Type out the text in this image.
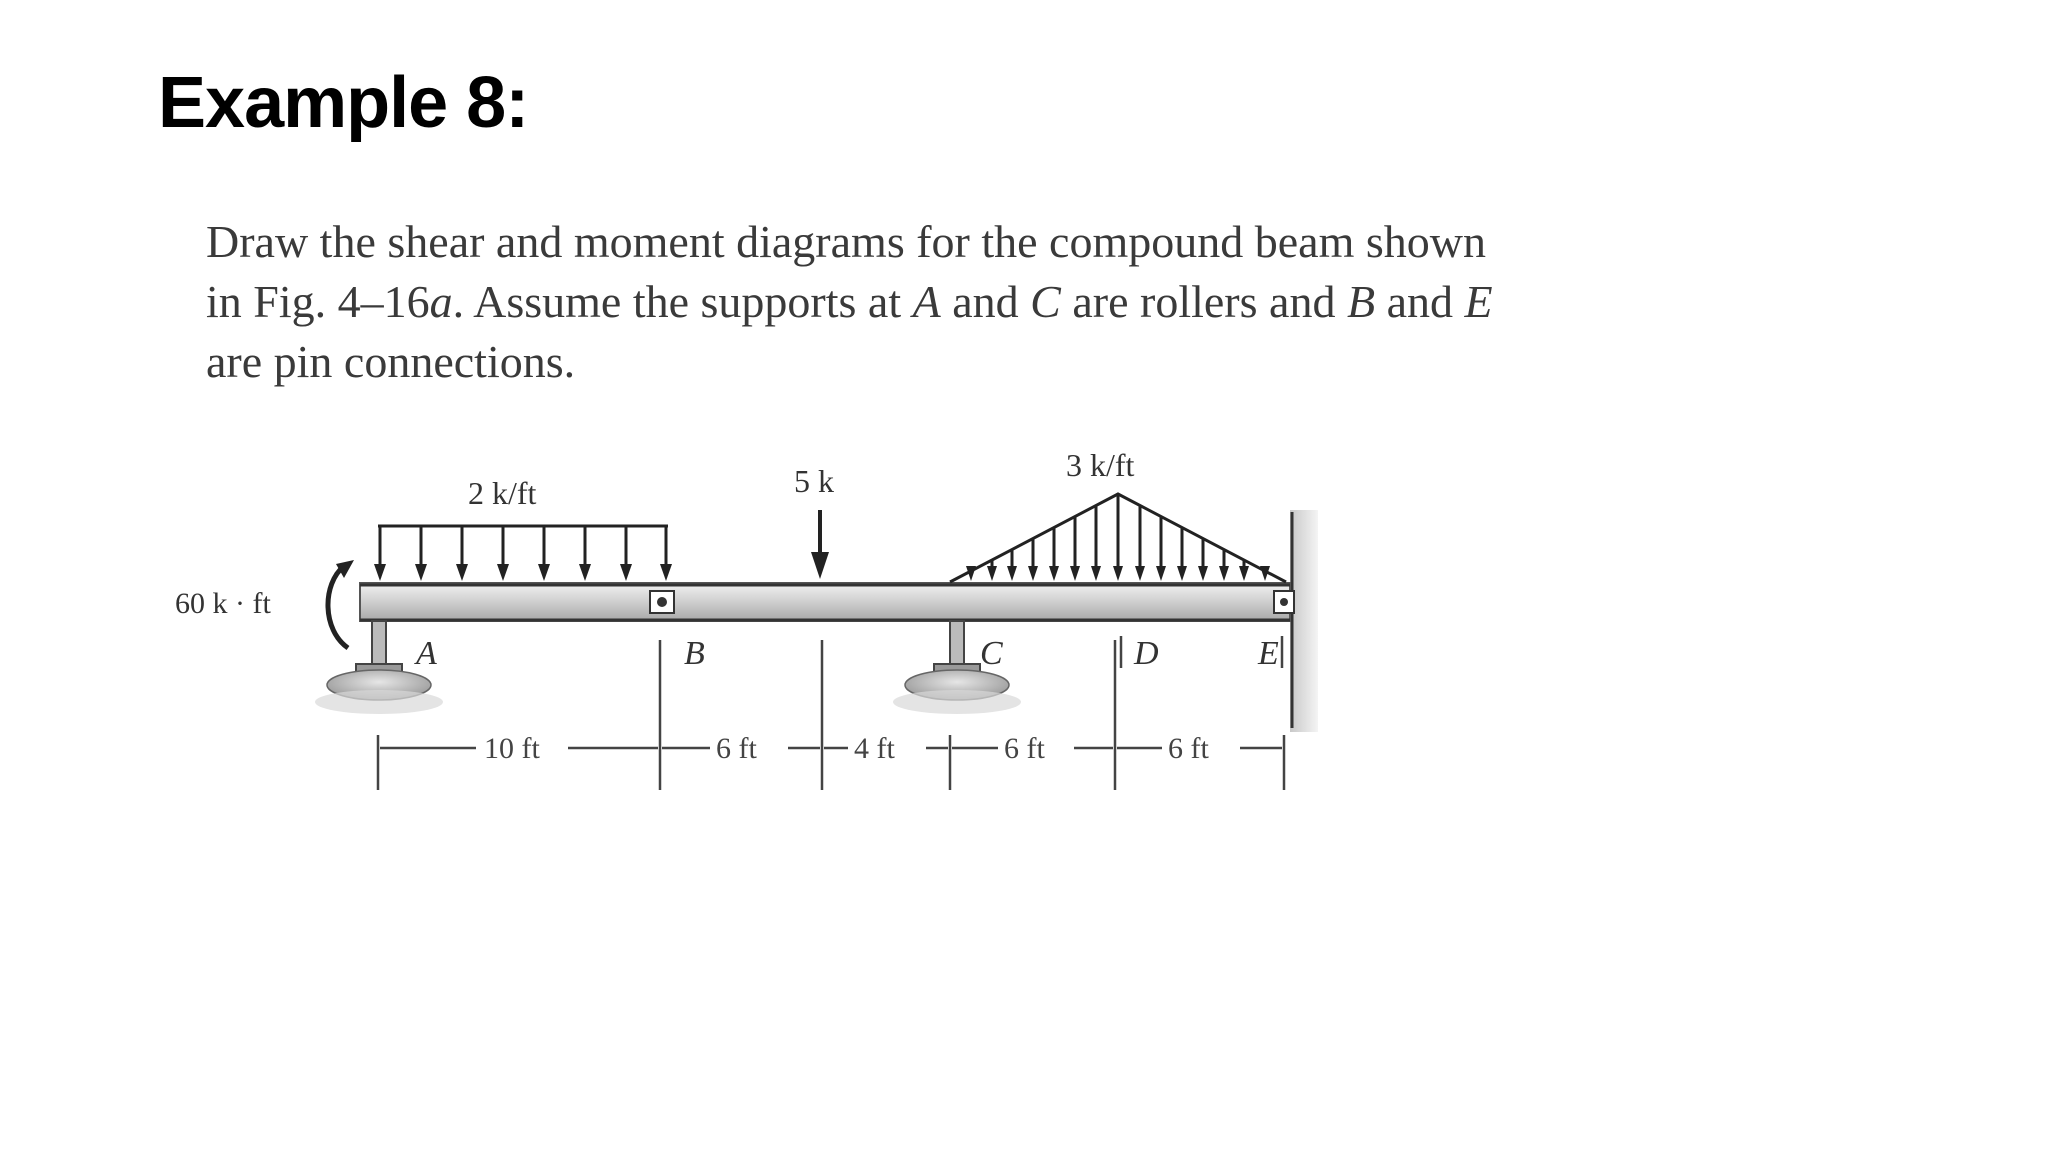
Example 8:
Draw the shear and moment diagrams for the compound beam shown
in Fig. 4–16a. Assume the supports at A and C are rollers and B and E
are pin connections.
A	B	C	D	E
60 k · ft
2 k/ft	5 k	3 k/ft
10 ft	6 ft	4 ft	6 ft	6 ft
